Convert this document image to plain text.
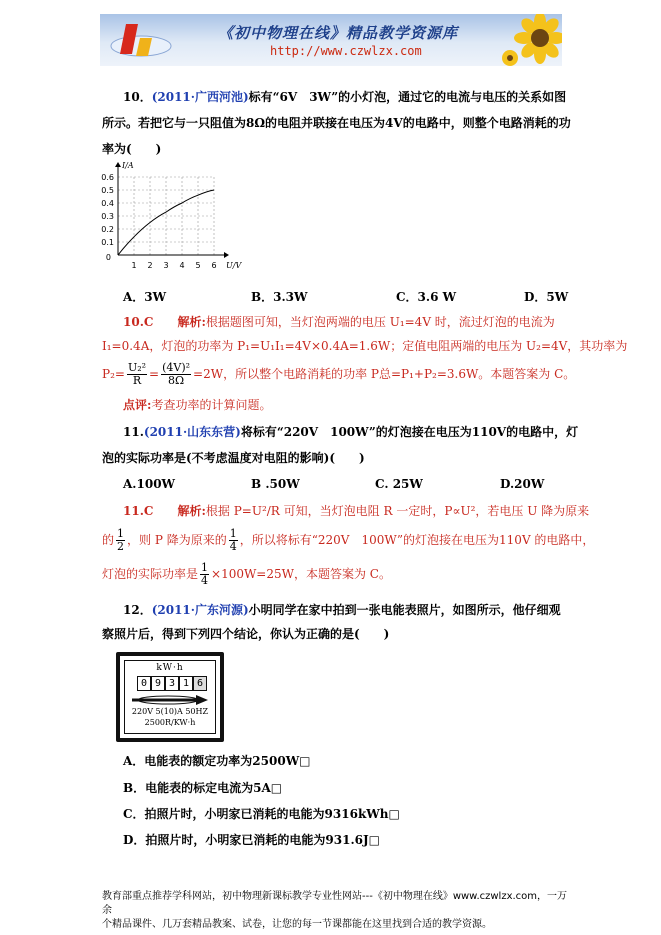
《初中物理在线》精品教学资源库
http://www.czwlzx.com
10．(2011·广西河池)标有“6V　3W”的小灯泡，通过它的电流与电压的关系如图
所示。若把它与一只阻值为8Ω的电阻并联接在电压为4V的电路中，则整个电路消耗的功
率为(　　)
0.6
0.5
0.4
0.3
0.2
0.1
1 2 3 4 5 6
0
I/A
U/V
A．3W	B．3.3W	C．3.6 W	D．5W
10.C　　 解析:根据题图可知，当灯泡两端的电压 U₁=4V 时，流过灯泡的电流为
I₁=0.4A，灯泡的功率为 P₁=U₁I₁=4V×0.4A=1.6W；定值电阻两端的电压为 U₂=4V，其功率为
$P_2= \frac{\text{U₂²}}{R} = \frac{\text{(4V)²}}{8\Omega} =2W$，所以整个电路消耗的功率 P总=P₁+P₂=3.6W。本题答案为 C。
点评:考查功率的计算问题。
11.(2011·山东东营)将标有“220V　100W”的灯泡接在电压为110V的电路中，灯
泡的实际功率是(不考虑温度对电阻的影响)(　　)
A.100W	B .50W	C. 25W	D.20W
11.C　　 解析:根据 P=U²/R 可知，当灯泡电阻 R 一定时，P∝U²，若电压 U 降为原来
的 $\frac{1}{2}$ ，则 P 降为原来的 $\frac{1}{4}$ ，所以将标有“220V　100W”的灯泡接在电压为110V 的电路中，
灯泡的实际功率是 $\frac{1}{4} \times 100W=25W$，本题答案为 C。
12．(2011·广东河源)小明同学在家中拍到一张电能表照片，如图所示，他仔细观
察照片后，得到下列四个结论，你认为正确的是(　　)
kW·h
0 9 3 1 6
220V 5(10)A 50HZ
2500R/KW·h
A．电能表的额定功率为2500W□
B．电能表的标定电流为5A□
C．拍照片时，小明家已消耗的电能为9316kWh□
D．拍照片时，小明家已消耗的电能为931.6J□
教育部重点推荐学科网站，初中物理新课标教学专业性网站---《初中物理在线》www.czwlzx.com，一万余
个精品课件、几万套精品教案、试卷，让您的每一节课都能在这里找到合适的教学资源。
